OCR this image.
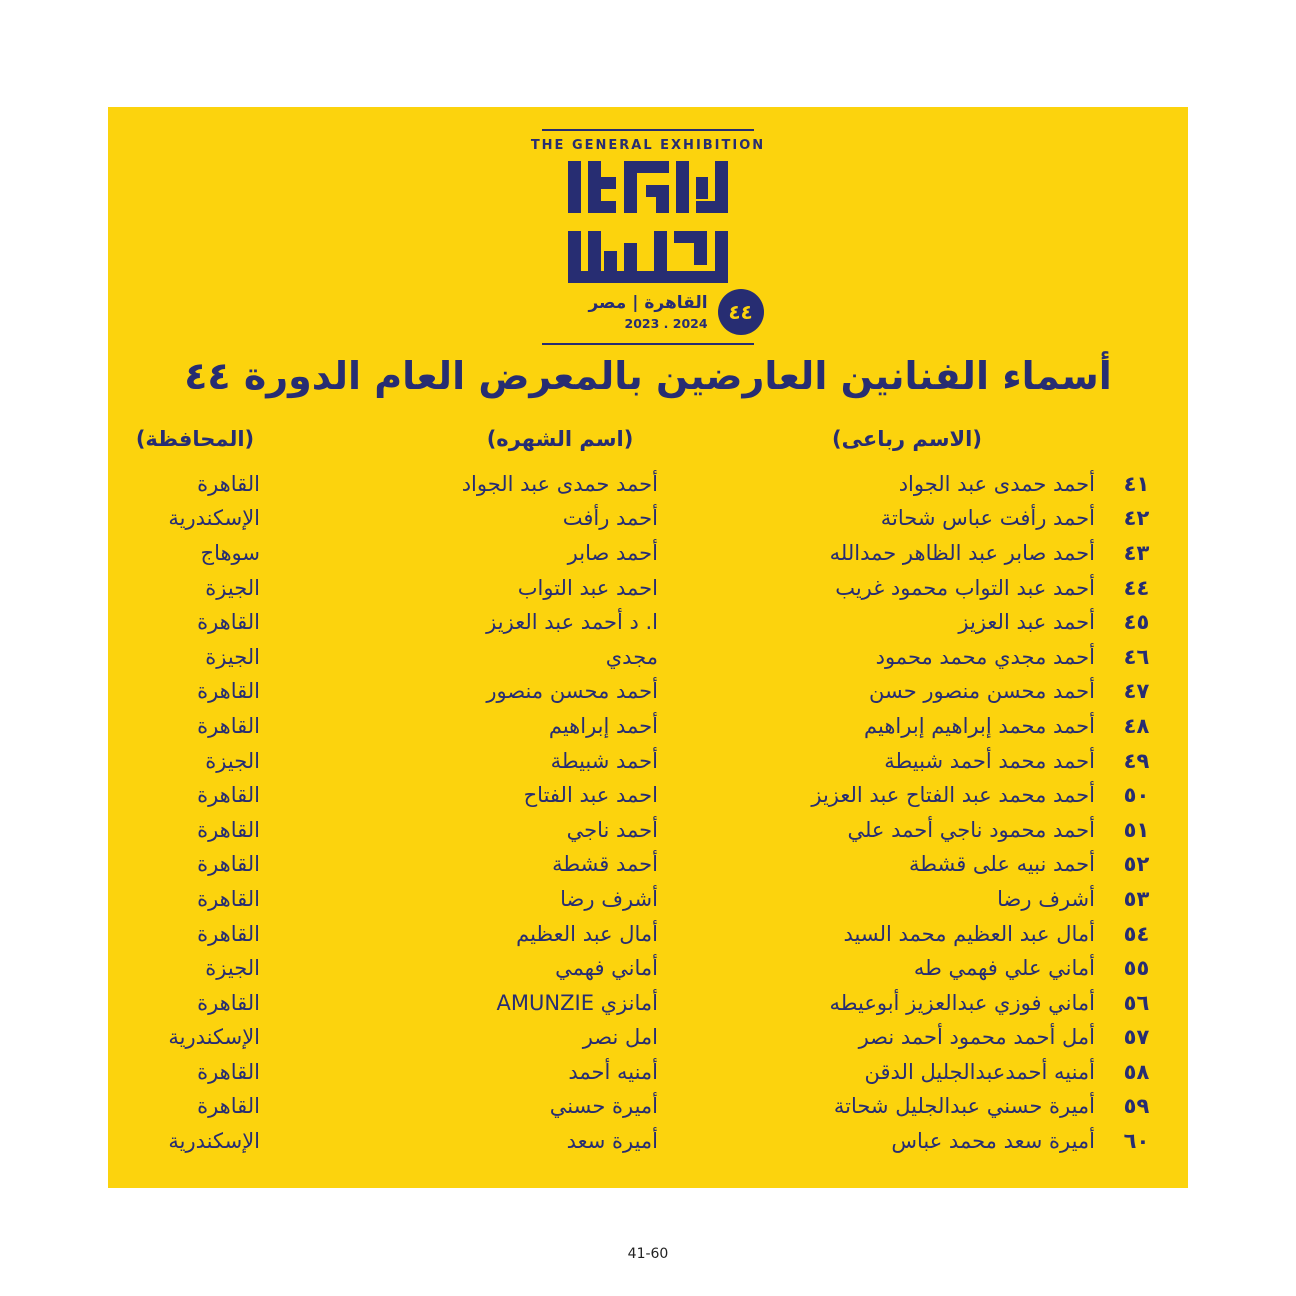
THE GENERAL EXHIBITION
القاهرة | مصر
2023 . 2024 ٤٤
أسماء الفنانين العارضين بالمعرض العام الدورة ٤٤
(المحافظة)	(اسم الشهره)	(الاسم رباعى)
القاهرة	أحمد حمدى عبد الجواد	أحمد حمدى عبد الجواد	٤١
الإسكندرية	أحمد رأفت	أحمد رأفت عباس شحاتة	٤٢
سوهاج	أحمد صابر	أحمد صابر عبد الظاهر حمدالله	٤٣
الجيزة	احمد عبد التواب	أحمد عبد التواب محمود غريب	٤٤
القاهرة	ا. د أحمد عبد العزيز	أحمد عبد العزيز	٤٥
الجيزة	مجدي	أحمد مجدي محمد محمود	٤٦
القاهرة	أحمد محسن منصور	أحمد محسن منصور حسن	٤٧
القاهرة	أحمد إبراهيم	أحمد محمد إبراهيم إبراهيم	٤٨
الجيزة	أحمد شبيطة	أحمد محمد أحمد شبيطة	٤٩
القاهرة	احمد عبد الفتاح	أحمد محمد عبد الفتاح عبد العزيز	٥٠
القاهرة	أحمد ناجي	أحمد محمود ناجي أحمد علي	٥١
القاهرة	أحمد قشطة	أحمد نبيه على قشطة	٥٢
القاهرة	أشرف رضا	أشرف رضا	٥٣
القاهرة	أمال عبد العظيم	أمال عبد العظيم محمد السيد	٥٤
الجيزة	أماني فهمي	أماني علي فهمي طه	٥٥
القاهرة	أمانزي AMUNZIE	أماني فوزي عبدالعزيز أبوعيطه	٥٦
الإسكندرية	امل نصر	أمل أحمد محمود أحمد نصر	٥٧
القاهرة	أمنيه أحمد	أمنيه أحمدعبدالجليل الدقن	٥٨
القاهرة	أميرة حسني	أميرة حسني عبدالجليل شحاتة	٥٩
الإسكندرية	أميرة سعد	أميرة سعد محمد عباس	٦٠
41-60
